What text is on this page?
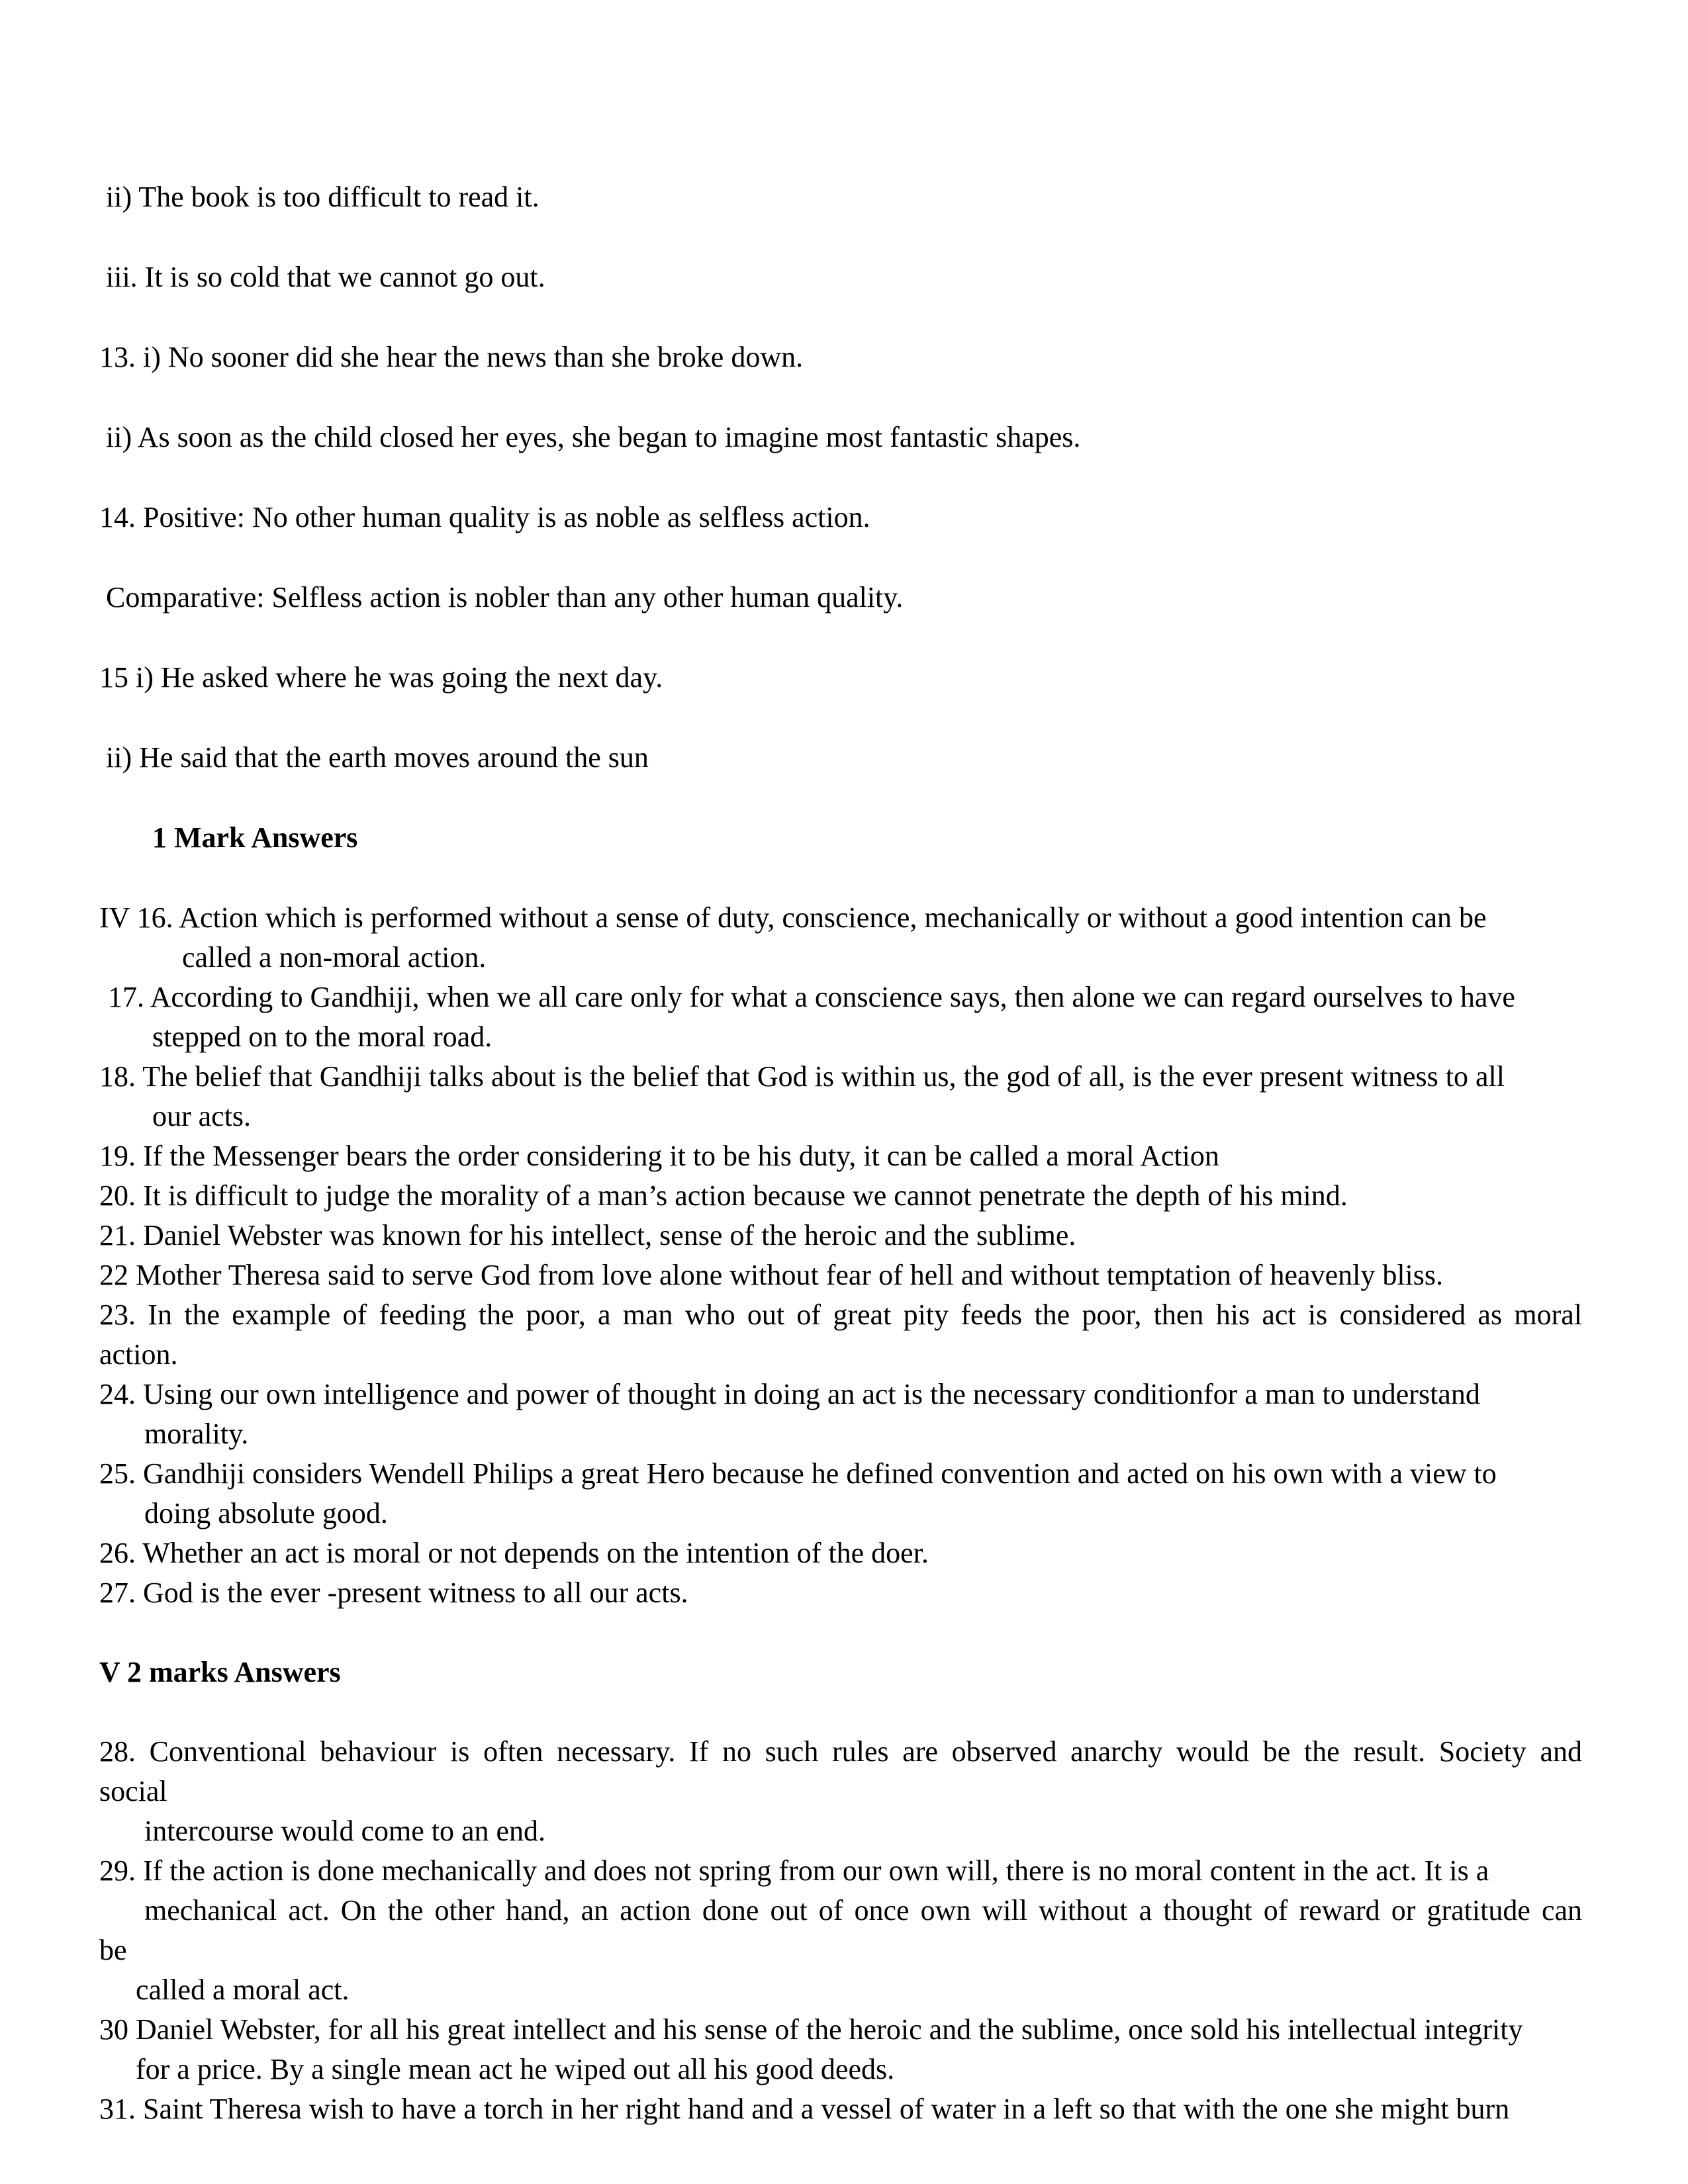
ii) The book is too difficult to read it.

iii. It is so cold that we cannot go out.

13. i) No sooner did she hear the news than she broke down.

ii) As soon as the child closed her eyes, she began to imagine most fantastic shapes.

14. Positive: No other human quality is as noble as selfless action.

Comparative: Selfless action is nobler than any other human quality.

15 i) He asked where he was going the next day.

ii) He said that the earth moves around the sun

1 Mark Answers

IV 16. Action which is performed without a sense of duty, conscience, mechanically or without a good intention can be

called a non-moral action.

17. According to Gandhiji, when we all care only for what a conscience says, then alone we can regard ourselves to have

stepped on to the moral road.

18. The belief that Gandhiji talks about is the belief that God is within us, the god of all, is the ever present witness to all

our acts.

19. If the Messenger bears the order considering it to be his duty, it can be called a moral Action

20. It is difficult to judge the morality of a man’s action because we cannot penetrate the depth of his mind.

21. Daniel Webster was known for his intellect, sense of the heroic and the sublime.

22 Mother Theresa said to serve God from love alone without fear of hell and without temptation of heavenly bliss.

23. In the example of feeding the poor, a man who out of great pity feeds the poor, then his act is considered as moral

action.

24. Using our own intelligence and power of thought in doing an act is the necessary conditionfor a man to understand

morality.

25. Gandhiji considers Wendell Philips a great Hero because he defined convention and acted on his own with a view to

doing absolute good.

26. Whether an act is moral or not depends on the intention of the doer.

27. God is the ever -present witness to all our acts.

V 2 marks Answers

28. Conventional behaviour is often necessary. If no such rules are observed anarchy would be the result. Society and

social

intercourse would come to an end.

29. If the action is done mechanically and does not spring from our own will, there is no moral content in the act. It is a

mechanical act. On the other hand, an action done out of once own will without a thought of reward or gratitude can

be

called a moral act.

30 Daniel Webster, for all his great intellect and his sense of the heroic and the sublime, once sold his intellectual integrity

for a price. By a single mean act he wiped out all his good deeds.

31. Saint Theresa wish to have a torch in her right hand and a vessel of water in a left so that with the one she might burn
